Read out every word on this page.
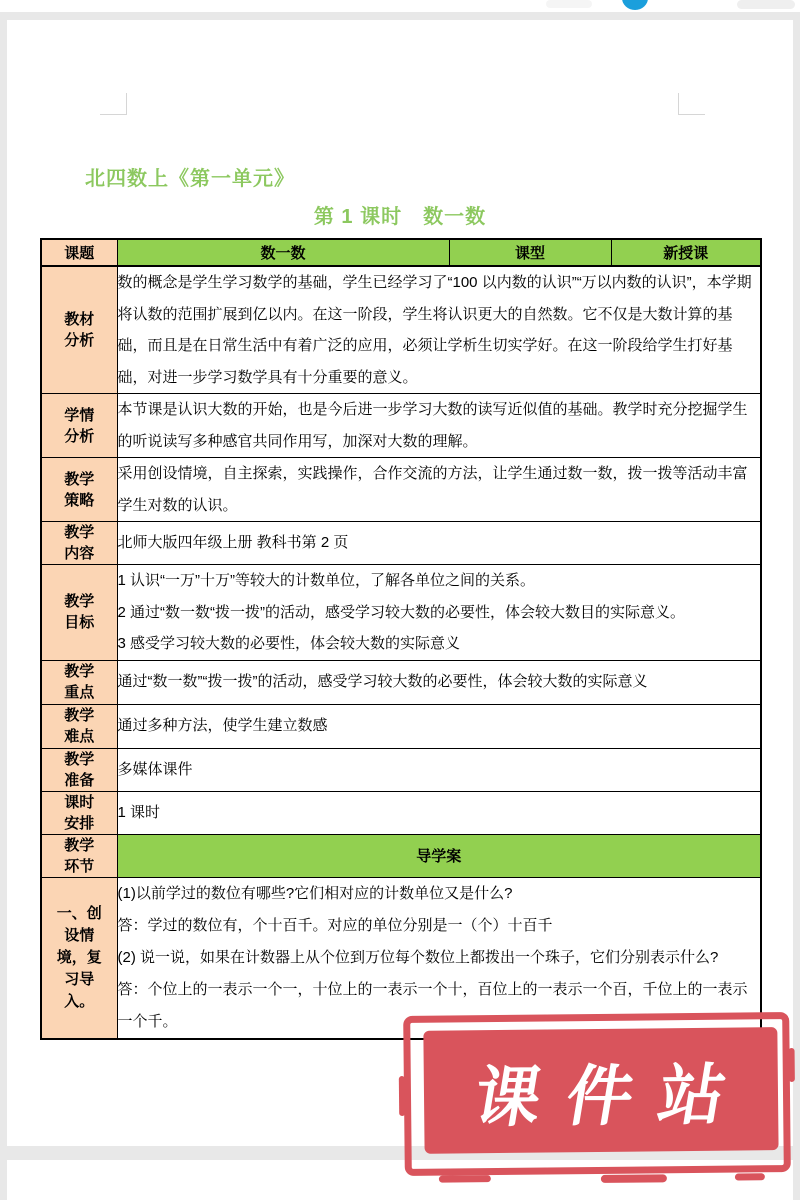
北四数上《第一单元》
第 1 课时　数一数
课题	数一数	课型	新授课
教材分析	数的概念是学生学习数学的基础，学生已经学习了“100 以内数的认识”“万以内数的认识”，本学期将认数的范围扩展到亿以内。在这一阶段，学生将认识更大的自然数。它不仅是大数计算的基础，而且是在日常生活中有着广泛的应用，必须让学析生切实学好。在这一阶段给学生打好基础，对进一步学习数学具有十分重要的意义。		

学情分析	本节课是认识大数的开始，也是今后进一步学习大数的读写近似值的基础。教学时充分挖掘学生的听说读写多种感官共同作用写，加深对大数的理解。		

教学策略	采用创设情境，自主探索，实践操作，合作交流的方法，让学生通过数一数，拨一拨等活动丰富学生对数的认识。		

教学内容	北师大版四年级上册 教科书第 2 页		

教学目标	1 认识“一万”十万”等较大的计数单位，了解各单位之间的关系。

2 通过“数一数“拨一拨”的活动，感受学习较大数的必要性，体会较大数目的实际意义。

3 感受学习较大数的必要性，体会较大数的实际意义		

教学重点	通过“数一数”“拨一拨”的活动，感受学习较大数的必要性，体会较大数的实际意义		

教学难点	通过多种方法，使学生建立数感		

教学准备	多媒体课件		

课时安排	1 课时		

教学环节	导学案		
一、创设情境，复习导入。	(1)以前学过的数位有哪些?它们相对应的计数单位又是什么?

答：学过的数位有，个十百千。对应的单位分别是一（个）十百千

(2) 说一说，如果在计数器上从个位到万位每个数位上都拨出一个珠子，它们分别表示什么?

答：个位上的一表示一个一，十位上的一表示一个十，百位上的一表示一个百，千位上的一表示一个千。		

课件站
